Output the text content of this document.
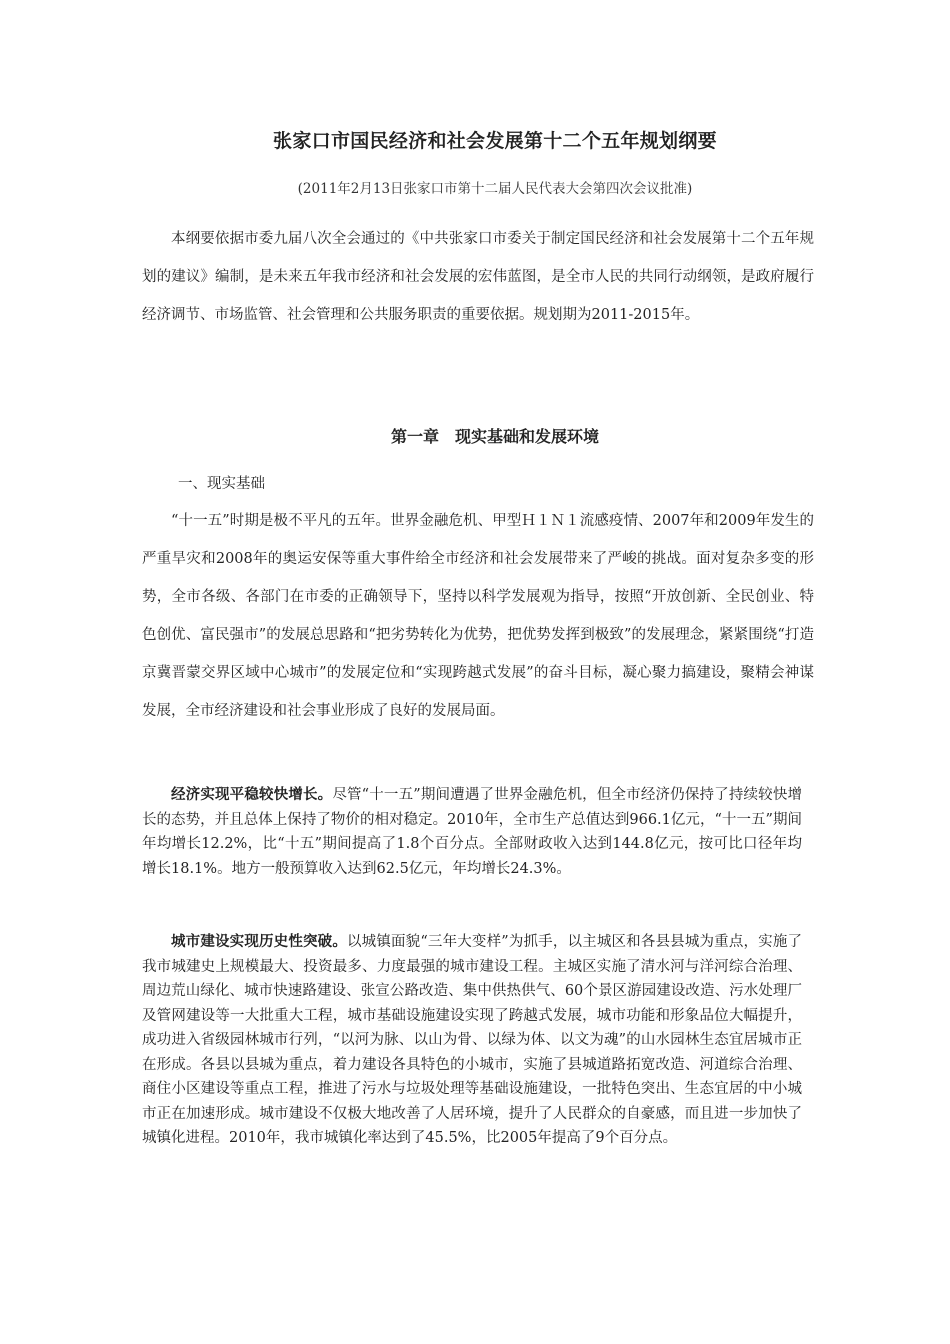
张家口市国民经济和社会发展第十二个五年规划纲要
(2011年2月13日张家口市第十二届人民代表大会第四次会议批准)

本纲要依据市委九届八次全会通过的《中共张家口市委关于制定国民经济和社会发展第十二个五年规划的建议》编制，是未来五年我市经济和社会发展的宏伟蓝图，是全市人民的共同行动纲领，是政府履行经济调节、市场监管、社会管理和公共服务职责的重要依据。规划期为2011-2015年。

第一章　现实基础和发展环境

一、现实基础

“十一五”时期是极不平凡的五年。世界金融危机、甲型Ｈ１Ｎ１流感疫情、2007年和2009年发生的严重旱灾和2008年的奥运安保等重大事件给全市经济和社会发展带来了严峻的挑战。面对复杂多变的形势，全市各级、各部门在市委的正确领导下，坚持以科学发展观为指导，按照“开放创新、全民创业、特色创优、富民强市”的发展总思路和“把劣势转化为优势，把优势发挥到极致”的发展理念，紧紧围绕“打造京冀晋蒙交界区域中心城市”的发展定位和“实现跨越式发展”的奋斗目标，凝心聚力搞建设，聚精会神谋发展，全市经济建设和社会事业形成了良好的发展局面。

经济实现平稳较快增长。尽管“十一五”期间遭遇了世界金融危机，但全市经济仍保持了持续较快增长的态势，并且总体上保持了物价的相对稳定。2010年，全市生产总值达到966.1亿元，“十一五”期间年均增长12.2%，比“十五”期间提高了1.8个百分点。全部财政收入达到144.8亿元，按可比口径年均增长18.1%。地方一般预算收入达到62.5亿元，年均增长24.3%。

城市建设实现历史性突破。以城镇面貌“三年大变样”为抓手，以主城区和各县县城为重点，实施了我市城建史上规模最大、投资最多、力度最强的城市建设工程。主城区实施了清水河与洋河综合治理、周边荒山绿化、城市快速路建设、张宣公路改造、集中供热供气、60个景区游园建设改造、污水处理厂及管网建设等一大批重大工程，城市基础设施建设实现了跨越式发展，城市功能和形象品位大幅提升，成功进入省级园林城市行列，“以河为脉、以山为骨、以绿为体、以文为魂”的山水园林生态宜居城市正在形成。各县以县城为重点，着力建设各具特色的小城市，实施了县城道路拓宽改造、河道综合治理、商住小区建设等重点工程，推进了污水与垃圾处理等基础设施建设，一批特色突出、生态宜居的中小城市正在加速形成。城市建设不仅极大地改善了人居环境，提升了人民群众的自豪感，而且进一步加快了城镇化进程。2010年，我市城镇化率达到了45.5%，比2005年提高了9个百分点。
